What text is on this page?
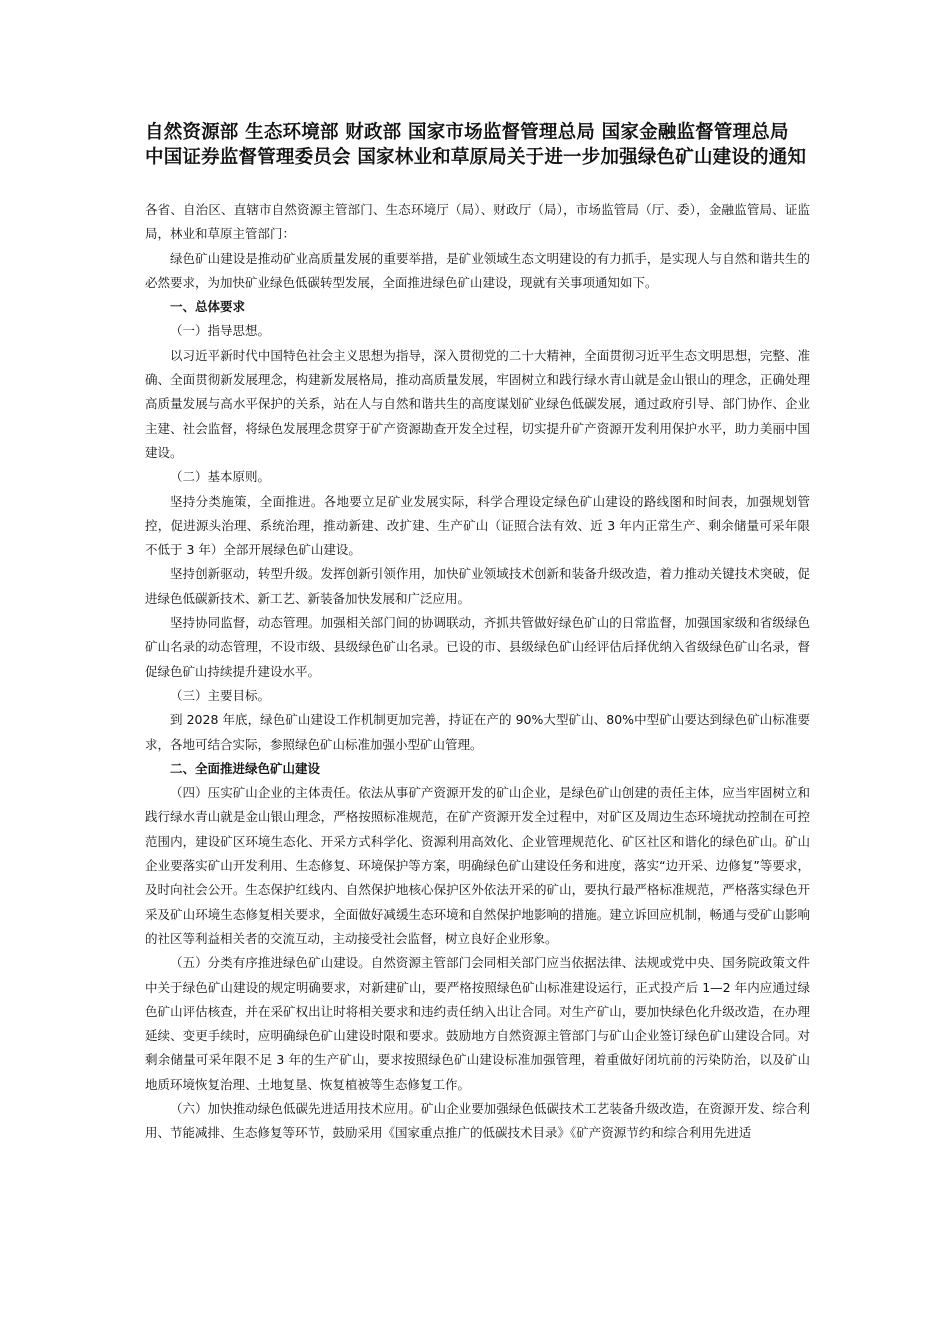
自然资源部 生态环境部 财政部 国家市场监督管理总局 国家金融监督管理总局 中国证券监督管理委员会 国家林业和草原局关于进一步加强绿色矿山建设的通知

各省、自治区、直辖市自然资源主管部门、生态环境厅（局）、财政厅（局），市场监管局（厅、委），金融监管局、证监局，林业和草原主管部门：

绿色矿山建设是推动矿业高质量发展的重要举措，是矿业领域生态文明建设的有力抓手，是实现人与自然和谐共生的必然要求，为加快矿业绿色低碳转型发展，全面推进绿色矿山建设，现就有关事项通知如下。

一、总体要求

（一）指导思想。

以习近平新时代中国特色社会主义思想为指导，深入贯彻党的二十大精神，全面贯彻习近平生态文明思想，完整、准确、全面贯彻新发展理念，构建新发展格局，推动高质量发展，牢固树立和践行绿水青山就是金山银山的理念，正确处理高质量发展与高水平保护的关系，站在人与自然和谐共生的高度谋划矿业绿色低碳发展，通过政府引导、部门协作、企业主建、社会监督，将绿色发展理念贯穿于矿产资源勘查开发全过程，切实提升矿产资源开发利用保护水平，助力美丽中国建设。

（二）基本原则。

坚持分类施策，全面推进。各地要立足矿业发展实际，科学合理设定绿色矿山建设的路线图和时间表，加强规划管控，促进源头治理、系统治理，推动新建、改扩建、生产矿山（证照合法有效、近 3 年内正常生产、剩余储量可采年限不低于 3 年）全部开展绿色矿山建设。

坚持创新驱动，转型升级。发挥创新引领作用，加快矿业领域技术创新和装备升级改造，着力推动关键技术突破，促进绿色低碳新技术、新工艺、新装备加快发展和广泛应用。

坚持协同监督，动态管理。加强相关部门间的协调联动，齐抓共管做好绿色矿山的日常监督，加强国家级和省级绿色矿山名录的动态管理，不设市级、县级绿色矿山名录。已设的市、县级绿色矿山经评估后择优纳入省级绿色矿山名录，督促绿色矿山持续提升建设水平。

（三）主要目标。

到 2028 年底，绿色矿山建设工作机制更加完善，持证在产的 90%大型矿山、80%中型矿山要达到绿色矿山标准要求，各地可结合实际，参照绿色矿山标准加强小型矿山管理。

二、全面推进绿色矿山建设

（四）压实矿山企业的主体责任。依法从事矿产资源开发的矿山企业，是绿色矿山创建的责任主体，应当牢固树立和践行绿水青山就是金山银山理念，严格按照标准规范，在矿产资源开发全过程中，对矿区及周边生态环境扰动控制在可控范围内，建设矿区环境生态化、开采方式科学化、资源利用高效化、企业管理规范化、矿区社区和谐化的绿色矿山。矿山企业要落实矿山开发利用、生态修复、环境保护等方案，明确绿色矿山建设任务和进度，落实“边开采、边修复”等要求，及时向社会公开。生态保护红线内、自然保护地核心保护区外依法开采的矿山，要执行最严格标准规范，严格落实绿色开采及矿山环境生态修复相关要求，全面做好减缓生态环境和自然保护地影响的措施。建立诉回应机制，畅通与受矿山影响的社区等利益相关者的交流互动，主动接受社会监督，树立良好企业形象。

（五）分类有序推进绿色矿山建设。自然资源主管部门会同相关部门应当依据法律、法规或党中央、国务院政策文件中关于绿色矿山建设的规定明确要求，对新建矿山，要严格按照绿色矿山标准建设运行，正式投产后 1—2 年内应通过绿色矿山评估核查，并在采矿权出让时将相关要求和违约责任纳入出让合同。对生产矿山，要加快绿色化升级改造，在办理延续、变更手续时，应明确绿色矿山建设时限和要求。鼓励地方自然资源主管部门与矿山企业签订绿色矿山建设合同。对剩余储量可采年限不足 3 年的生产矿山，要求按照绿色矿山建设标准加强管理，着重做好闭坑前的污染防治，以及矿山地质环境恢复治理、土地复垦、恢复植被等生态修复工作。

（六）加快推动绿色低碳先进适用技术应用。矿山企业要加强绿色低碳技术工艺装备升级改造，在资源开发、综合利用、节能减排、生态修复等环节，鼓励采用《国家重点推广的低碳技术目录》《矿产资源节约和综合利用先进适
